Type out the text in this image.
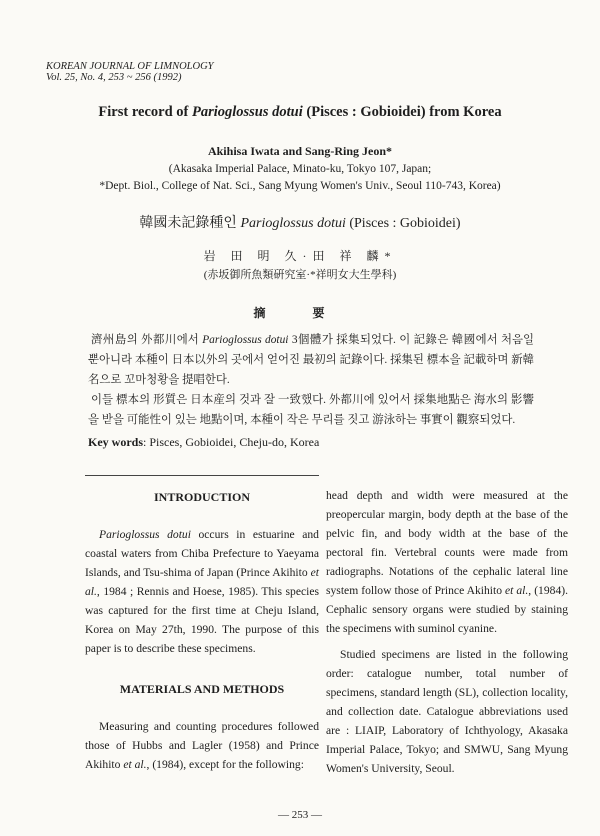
KOREAN JOURNAL OF LIMNOLOGY
Vol. 25, No. 4, 253 ~ 256 (1992)
First record of Parioglossus dotui (Pisces : Gobioidei) from Korea
Akihisa Iwata and Sang-Ring Jeon*
(Akasaka Imperial Palace, Minato-ku, Tokyo 107, Japan;
*Dept. Biol., College of Nat. Sci., Sang Myung Women's Univ., Seoul 110-743, Korea)
韓國未記錄種인 Parioglossus dotui (Pisces : Gobioidei)
岩 田 明 久·田 祥 麟*
(赤坂御所魚類硏究室·*祥明女大生學科)
摘 要

濟州島의 外都川에서 Parioglossus dotui 3個體가 採集되었다. 이 記錄은 韓國에서 처음일 뿐아니라 本種이 日本以外의 곳에서 얻어진 最初의 記錄이다. 採集된 標本을 記載하며 新韓名으로 꼬마청황을 提唱한다.

이들 標本의 形質은 日本産의 것과 잘 一致했다. 外都川에 있어서 採集地點은 海水의 影響을 받을 可能性이 있는 地點이며, 本種이 작은 무리를 짓고 游泳하는 事實이 觀察되었다.

Key words: Pisces, Gobioidei, Cheju-do, Korea
INTRODUCTION

Parioglossus dotui occurs in estuarine and coastal waters from Chiba Prefecture to Yaeyama Islands, and Tsu-shima of Japan (Prince Akihito et al., 1984 ; Rennis and Hoese, 1985). This species was captured for the first time at Cheju Island, Korea on May 27th, 1990. The purpose of this paper is to describe these specimens.

MATERIALS AND METHODS

Measuring and counting procedures followed those of Hubbs and Lagler (1958) and Prince Akihito et al., (1984), except for the following:

head depth and width were measured at the preopercular margin, body depth at the base of the pelvic fin, and body width at the base of the pectoral fin. Vertebral counts were made from radiographs. Notations of the cephalic lateral line system follow those of Prince Akihito et al., (1984). Cephalic sensory organs were studied by staining the specimens with suminol cyanine.

Studied specimens are listed in the following order: catalogue number, total number of specimens, standard length (SL), collection locality, and collection date. Catalogue abbreviations used are : LIAIP, Laboratory of Ichthyology, Akasaka Imperial Palace, Tokyo; and SMWU, Sang Myung Women's University, Seoul.

— 253 —
